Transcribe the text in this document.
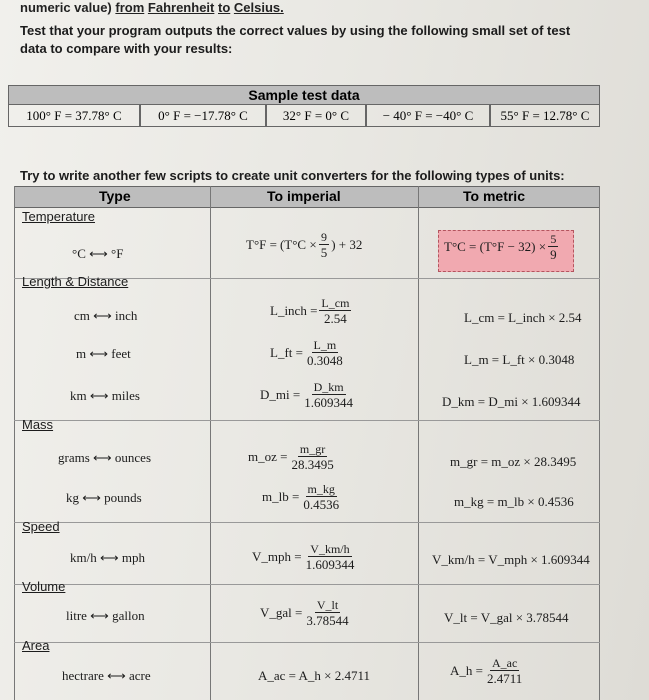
numeric value) from Fahrenheit to Celsius.

Test that your program outputs the correct values by using the following small set of test

data to compare with your results:

Sample test data
100° F = 37.78° C	0° F = −17.78° C	32° F = 0° C	− 40° F = −40° C	55° F = 12.78° C
Try to write another few scripts to create unit converters for the following types of units:
Type	To imperial	To metric
Temperature
°C ⟷ °F
$T^\circ F = (T^\circ C \times \frac{9}{5}$ ) + 32	$T^\circ C = (T^\circ F - 32) \times \frac{5}{9}$
Length & Distance
cm ⟷ inch	L_inch = $\frac{L\_cm}{2.54}$	L_cm = L_inch × 2.54
m ⟷ feet	L_ft = $\frac{L\_m}{0.3048}$	L_m = L_ft × 0.3048
km ⟷ miles	D_mi = $\frac{D\_km}{1.609344}$	D_km = D_mi × 1.609344
Mass
grams ⟷ ounces	m_oz = $\frac{m\_gr}{28.3495}$	m_gr = m_oz × 28.3495
kg ⟷ pounds	m_lb = $\frac{m\_kg}{0.4536}$	m_kg = m_lb × 0.4536
Speed
km/h ⟷ mph	V_mph = $\frac{V\_km/h}{1.609344}$	V_km/h = V_mph × 1.609344
Volume
litre ⟷ gallon	V_gal = $\frac{V\_lt}{3.78544}$	V_lt = V_gal × 3.78544
Area
hectrare ⟷ acre	A_ac = A_h × 2.4711	A_h = $\frac{A\_ac}{2.4711}$
